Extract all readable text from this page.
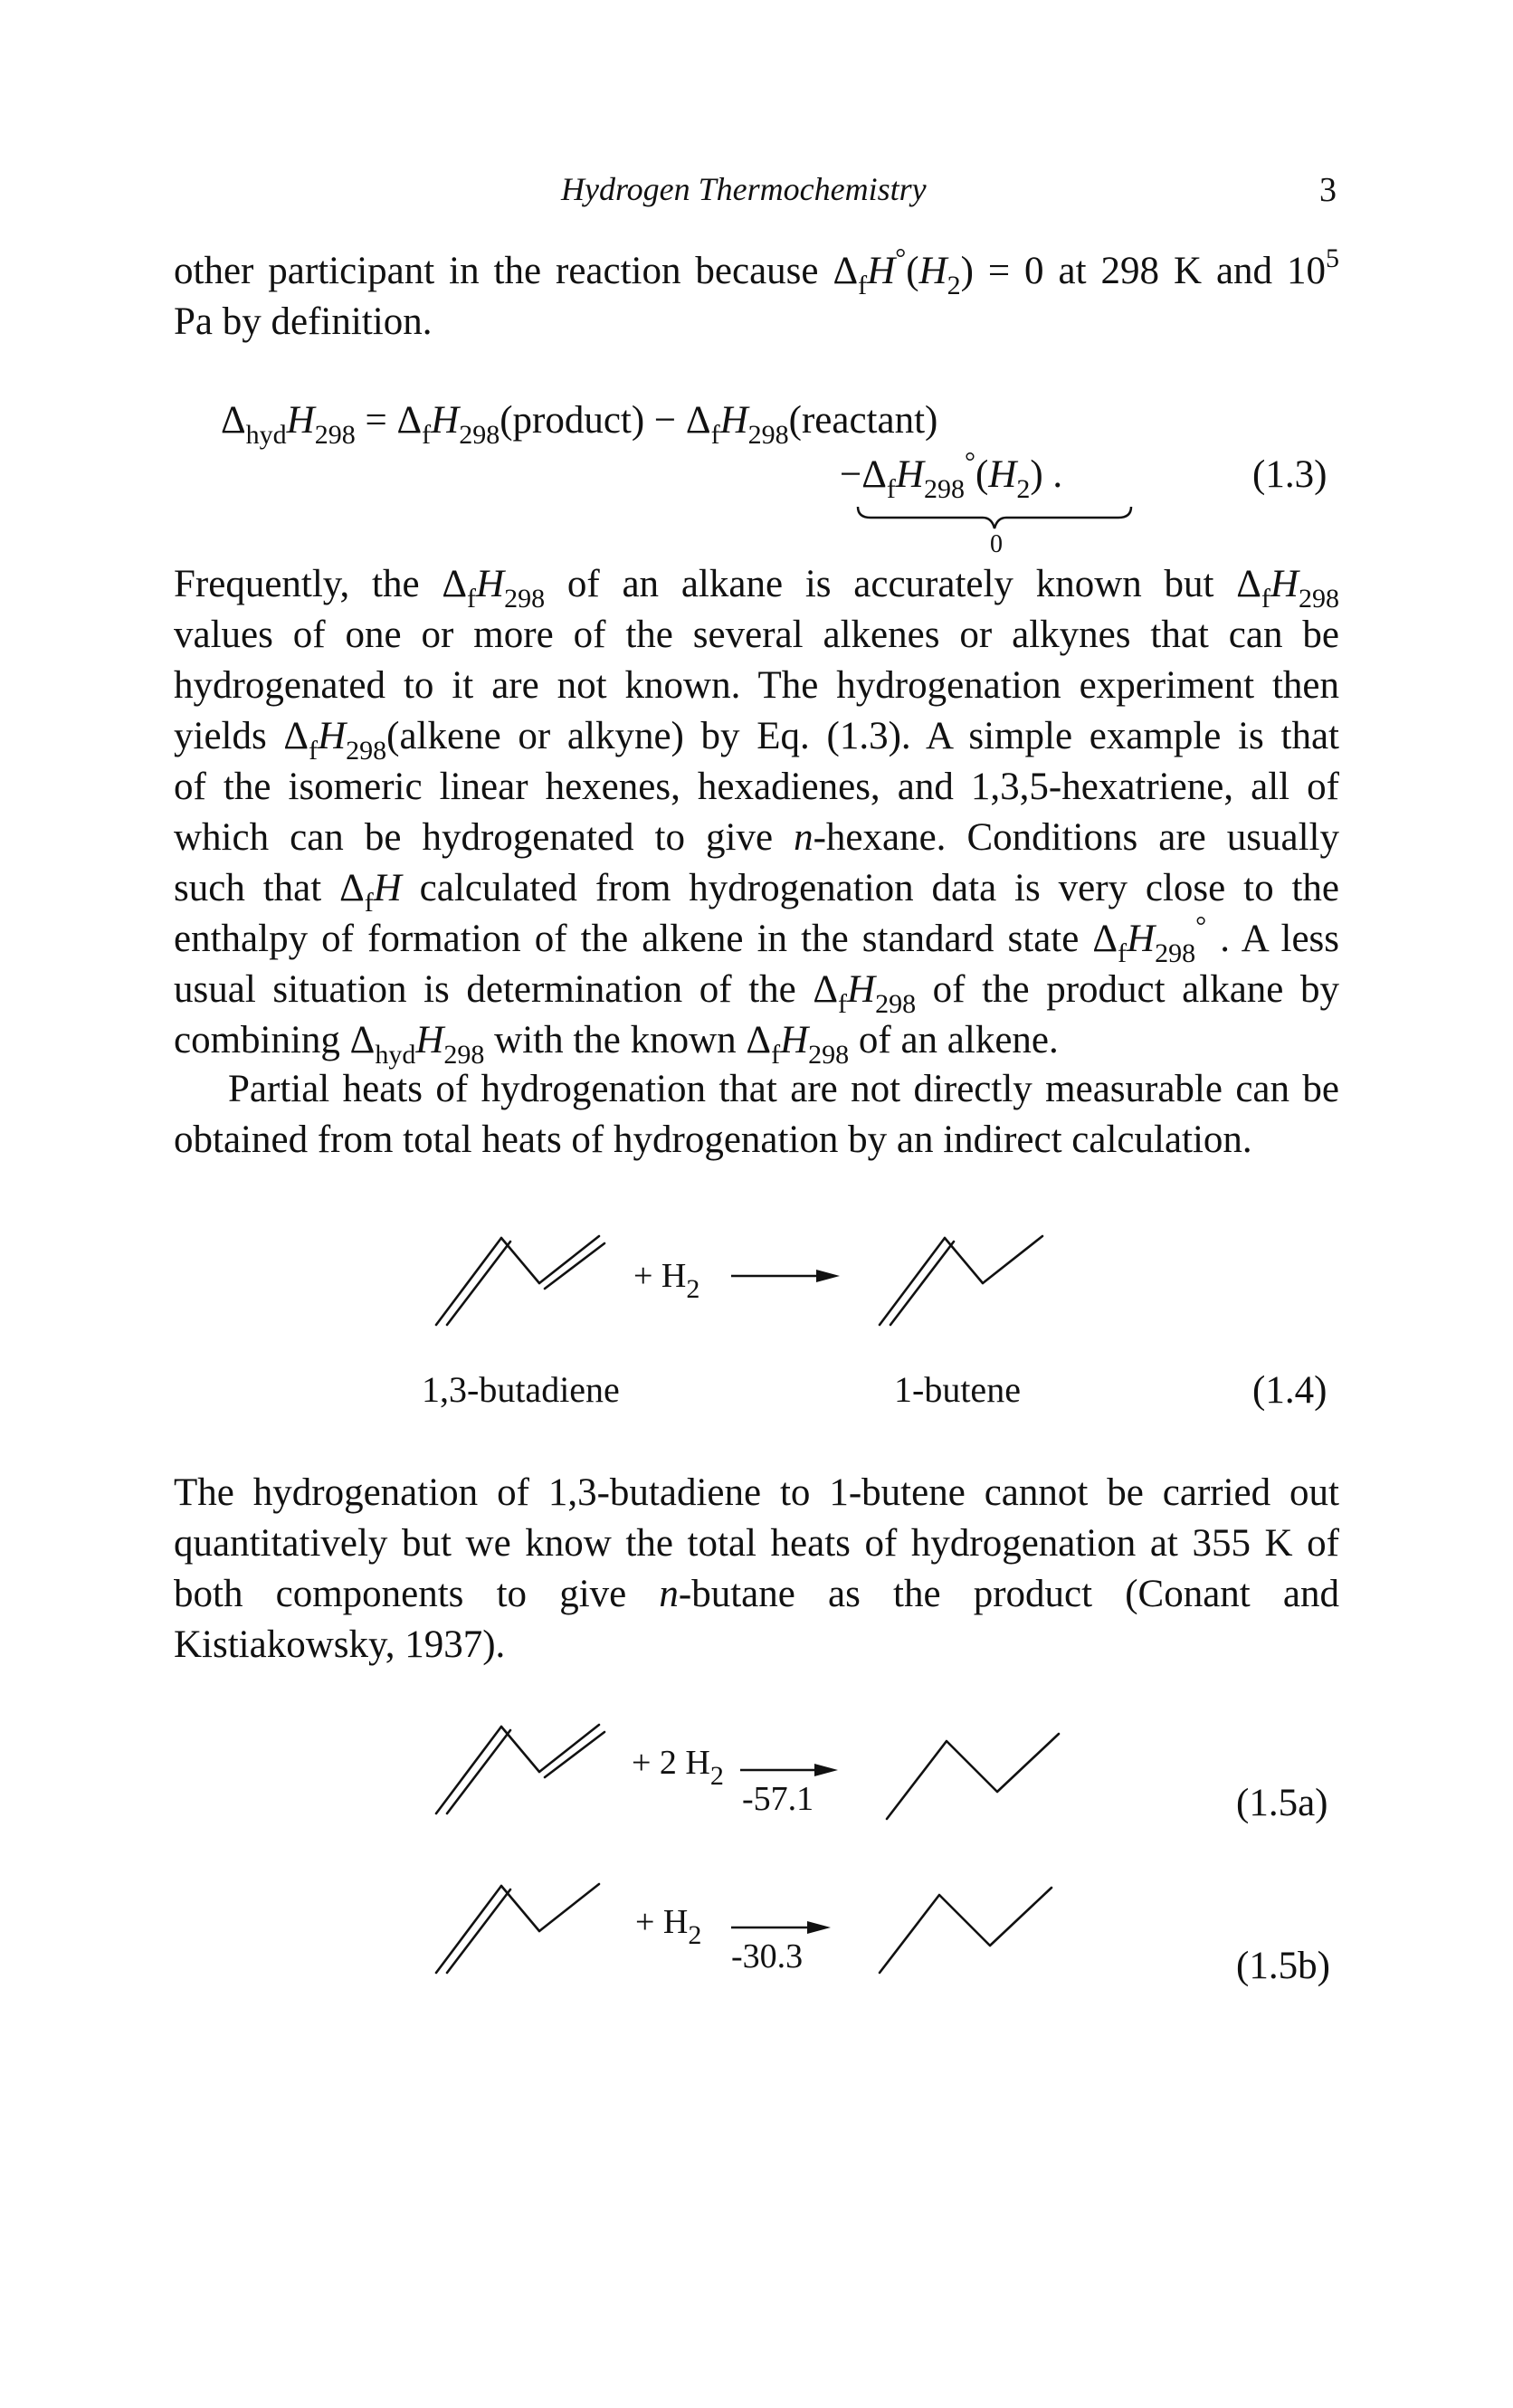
Hydrogen Thermochemistry	3
other participant in the reaction because $\Delta_fH^\circ(H_2) = 0$ at 298 K and $10^5$
Pa by definition.
$\Delta_{hyd}H_{298}$ = $\Delta_fH_{298}(product)$ − $\Delta_fH_{298}(reactant)$
$-\Delta_fH_{298}^\circ(H_2)$ .
0
(1.3)
Frequently, the $\Delta_fH_{298}$ of an alkane is accurately known but $\Delta_fH_{298}$
values of one or more of the several alkenes or alkynes that can be
hydrogenated to it are not known. The hydrogenation experiment then
yields $\Delta_fH_{298}(alkene$ or alkyne) by Eq. (1.3). A simple example is that
of the isomeric linear hexenes, hexadienes, and 1,3,5-hexatriene, all of
which can be hydrogenated to give n-hexane. Conditions are usually
such that $\Delta_fH$ calculated from hydrogenation data is very close to the
enthalpy of formation of the alkene in the standard state $\Delta_fH_{298}^\circ$ . A less
usual situation is determination of the $\Delta_fH_{298}$ of the product alkane by
combining $\Delta_{hyd}H_{298}$ with the known $\Delta_fH_{298}$ of an alkene.
Partial heats of hydrogenation that are not directly measurable can be
obtained from total heats of hydrogenation by an indirect calculation.
+ $H_2$
1,3-butadiene	1-butene	(1.4)
The hydrogenation of 1,3-butadiene to 1-butene cannot be carried out
quantitatively but we know the total heats of hydrogenation at 355 K of
both components to give n-butane as the product (Conant and
Kistiakowsky, 1937).
+ 2 $H_2$
-57.1	(1.5a)
+ $H_2$
-30.3	(1.5b)
